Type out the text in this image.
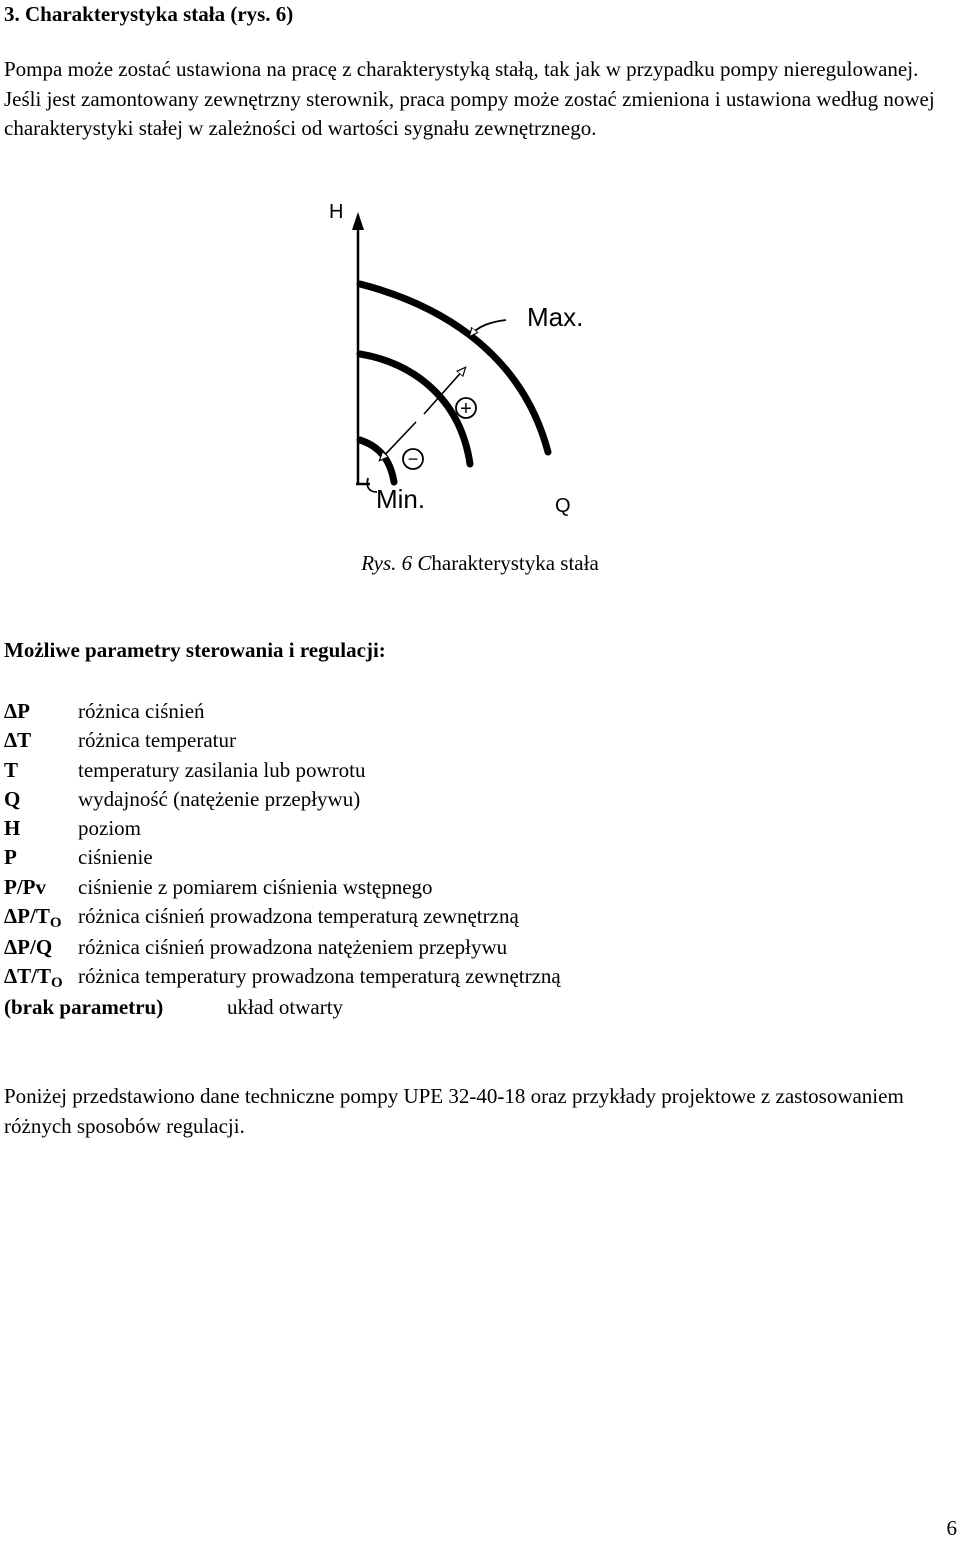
3. Charakterystyka stała (rys. 6)

Pompa może zostać ustawiona na pracę z charakterystyką stałą, tak jak w przypadku pompy nieregulowanej. Jeśli jest zamontowany zewnętrzny sterownik, praca pompy może zostać zmieniona i ustawiona według nowej charakterystyki stałej w zależności od wartości sygnału zewnętrznego.

H
Q
Max.
Min.
+
−
Rys. 6 Charakterystyka stała
Możliwe parametry sterowania i regulacji:
ΔP różnica ciśnień
ΔT różnica temperatur
T	temperatury zasilania lub powrotu
Q	wydajność (natężenie przepływu)
H	poziom
P	ciśnienie
P/Pv ciśnienie z pomiarem ciśnienia wstępnego
$\Delta P/T_O$ różnica ciśnień prowadzona temperaturą zewnętrzną
ΔP/Q różnica ciśnień prowadzona natężeniem przepływu
$\Delta T/T_O$ różnica temperatury prowadzona temperaturą zewnętrzną
(brak parametru)	układ otwarty

Poniżej przedstawiono dane techniczne pompy UPE 32-40-18 oraz przykłady projektowe z zastosowaniem różnych sposobów regulacji.

6
